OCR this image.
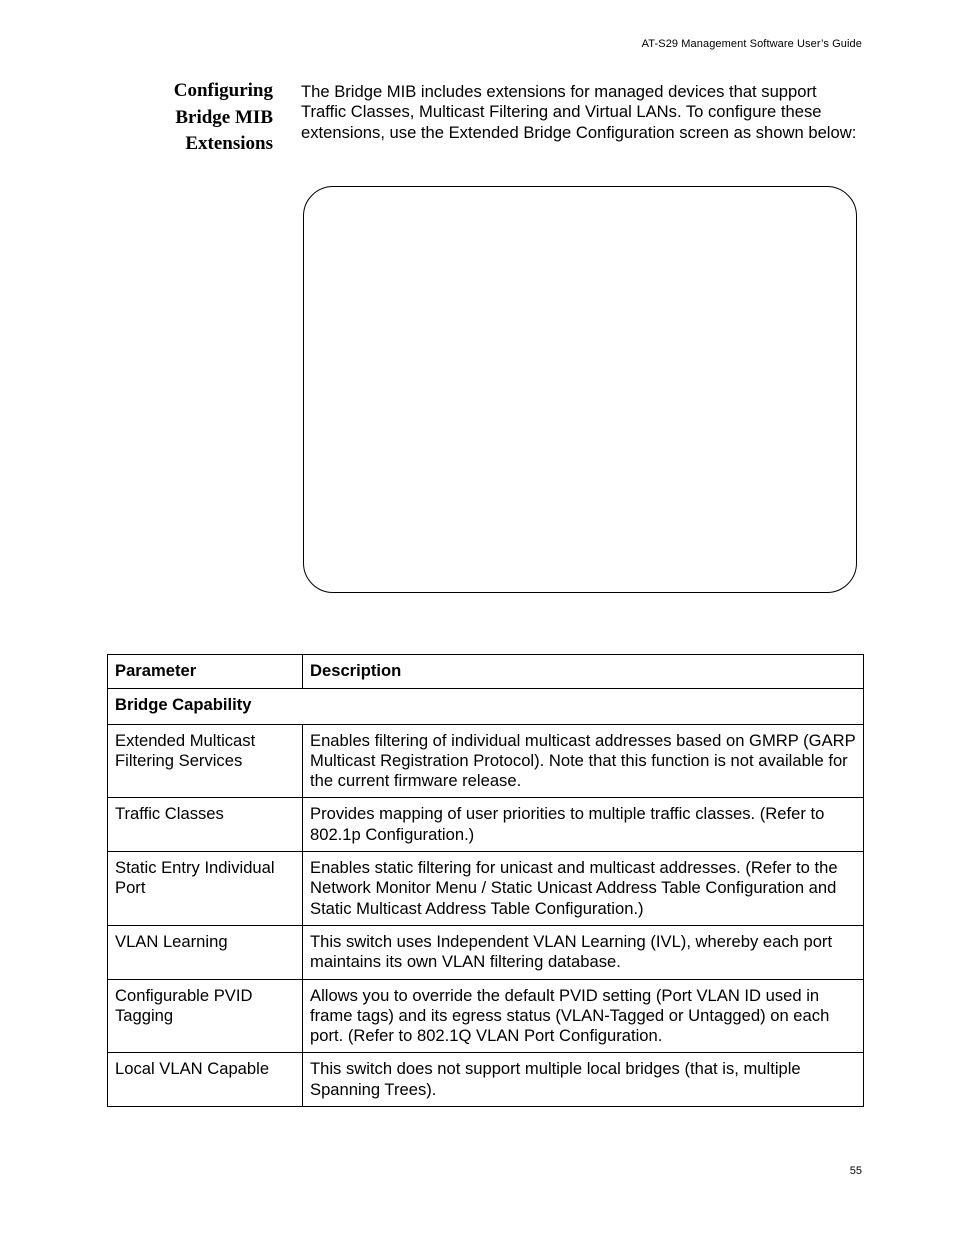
AT-S29 Management Software User’s Guide
Configuring
Bridge MIB
Extensions
The Bridge MIB includes extensions for managed devices that support Traffic Classes, Multicast Filtering and Virtual LANs. To configure these extensions, use the Extended Bridge Configuration screen as shown below:
Parameter	Description
Bridge Capability	
Extended Multicast Filtering Services	Enables filtering of individual multicast addresses based on GMRP (GARP Multicast Registration Protocol). Note that this function is not available for the current firmware release.
Traffic Classes	Provides mapping of user priorities to multiple traffic classes. (Refer to 802.1p Configuration.)
Static Entry Individual Port	Enables static filtering for unicast and multicast addresses. (Refer to the Network Monitor Menu / Static Unicast Address Table Configuration and Static Multicast Address Table Configuration.)
VLAN Learning	This switch uses Independent VLAN Learning (IVL), whereby each port maintains its own VLAN filtering database.
Configurable PVID Tagging	Allows you to override the default PVID setting (Port VLAN ID used in frame tags) and its egress status (VLAN-Tagged or Untagged) on each port. (Refer to 802.1Q VLAN Port Configuration.
Local VLAN Capable	This switch does not support multiple local bridges (that is, multiple Spanning Trees).
55
